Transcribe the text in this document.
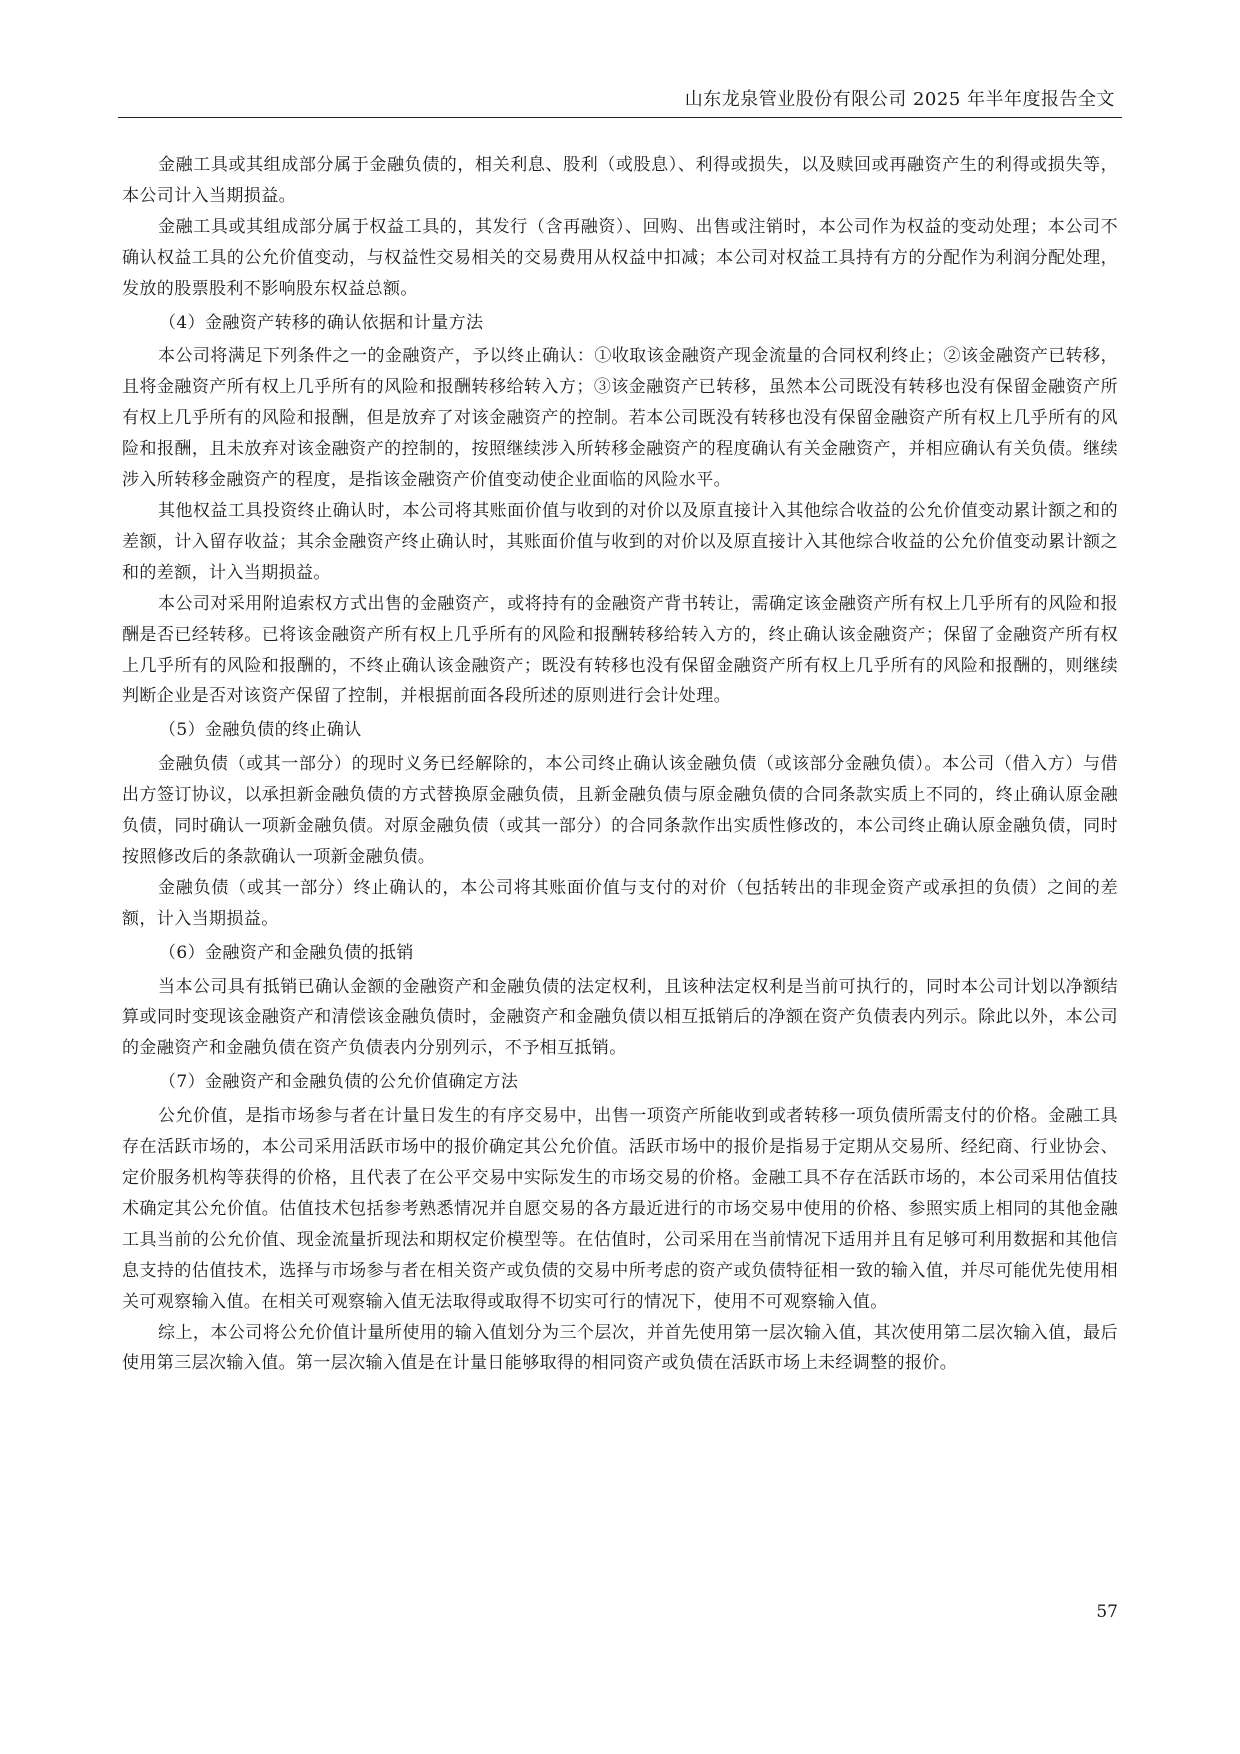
山东龙泉管业股份有限公司 2025 年半年度报告全文

金融工具或其组成部分属于金融负债的，相关利息、股利（或股息）、利得或损失，以及赎回或再融资产生的利得或损失等，本公司计入当期损益。

金融工具或其组成部分属于权益工具的，其发行（含再融资）、回购、出售或注销时，本公司作为权益的变动处理；本公司不确认权益工具的公允价值变动，与权益性交易相关的交易费用从权益中扣减；本公司对权益工具持有方的分配作为利润分配处理，发放的股票股利不影响股东权益总额。

（4）金融资产转移的确认依据和计量方法

本公司将满足下列条件之一的金融资产，予以终止确认：①收取该金融资产现金流量的合同权利终止；②该金融资产已转移，且将金融资产所有权上几乎所有的风险和报酬转移给转入方；③该金融资产已转移，虽然本公司既没有转移也没有保留金融资产所有权上几乎所有的风险和报酬，但是放弃了对该金融资产的控制。若本公司既没有转移也没有保留金融资产所有权上几乎所有的风险和报酬，且未放弃对该金融资产的控制的，按照继续涉入所转移金融资产的程度确认有关金融资产，并相应确认有关负债。继续涉入所转移金融资产的程度，是指该金融资产价值变动使企业面临的风险水平。

其他权益工具投资终止确认时，本公司将其账面价值与收到的对价以及原直接计入其他综合收益的公允价值变动累计额之和的差额，计入留存收益；其余金融资产终止确认时，其账面价值与收到的对价以及原直接计入其他综合收益的公允价值变动累计额之和的差额，计入当期损益。

本公司对采用附追索权方式出售的金融资产，或将持有的金融资产背书转让，需确定该金融资产所有权上几乎所有的风险和报酬是否已经转移。已将该金融资产所有权上几乎所有的风险和报酬转移给转入方的，终止确认该金融资产；保留了金融资产所有权上几乎所有的风险和报酬的，不终止确认该金融资产；既没有转移也没有保留金融资产所有权上几乎所有的风险和报酬的，则继续判断企业是否对该资产保留了控制，并根据前面各段所述的原则进行会计处理。

（5）金融负债的终止确认

金融负债（或其一部分）的现时义务已经解除的，本公司终止确认该金融负债（或该部分金融负债）。本公司（借入方）与借出方签订协议，以承担新金融负债的方式替换原金融负债，且新金融负债与原金融负债的合同条款实质上不同的，终止确认原金融负债，同时确认一项新金融负债。对原金融负债（或其一部分）的合同条款作出实质性修改的，本公司终止确认原金融负债，同时按照修改后的条款确认一项新金融负债。

金融负债（或其一部分）终止确认的，本公司将其账面价值与支付的对价（包括转出的非现金资产或承担的负债）之间的差额，计入当期损益。

（6）金融资产和金融负债的抵销

当本公司具有抵销已确认金额的金融资产和金融负债的法定权利，且该种法定权利是当前可执行的，同时本公司计划以净额结算或同时变现该金融资产和清偿该金融负债时，金融资产和金融负债以相互抵销后的净额在资产负债表内列示。除此以外，本公司的金融资产和金融负债在资产负债表内分别列示，不予相互抵销。

（7）金融资产和金融负债的公允价值确定方法

公允价值，是指市场参与者在计量日发生的有序交易中，出售一项资产所能收到或者转移一项负债所需支付的价格。金融工具存在活跃市场的，本公司采用活跃市场中的报价确定其公允价值。活跃市场中的报价是指易于定期从交易所、经纪商、行业协会、定价服务机构等获得的价格，且代表了在公平交易中实际发生的市场交易的价格。金融工具不存在活跃市场的，本公司采用估值技术确定其公允价值。估值技术包括参考熟悉情况并自愿交易的各方最近进行的市场交易中使用的价格、参照实质上相同的其他金融工具当前的公允价值、现金流量折现法和期权定价模型等。在估值时，公司采用在当前情况下适用并且有足够可利用数据和其他信息支持的估值技术，选择与市场参与者在相关资产或负债的交易中所考虑的资产或负债特征相一致的输入值，并尽可能优先使用相关可观察输入值。在相关可观察输入值无法取得或取得不切实可行的情况下，使用不可观察输入值。

综上，本公司将公允价值计量所使用的输入值划分为三个层次，并首先使用第一层次输入值，其次使用第二层次输入值，最后使用第三层次输入值。第一层次输入值是在计量日能够取得的相同资产或负债在活跃市场上未经调整的报价。

57
